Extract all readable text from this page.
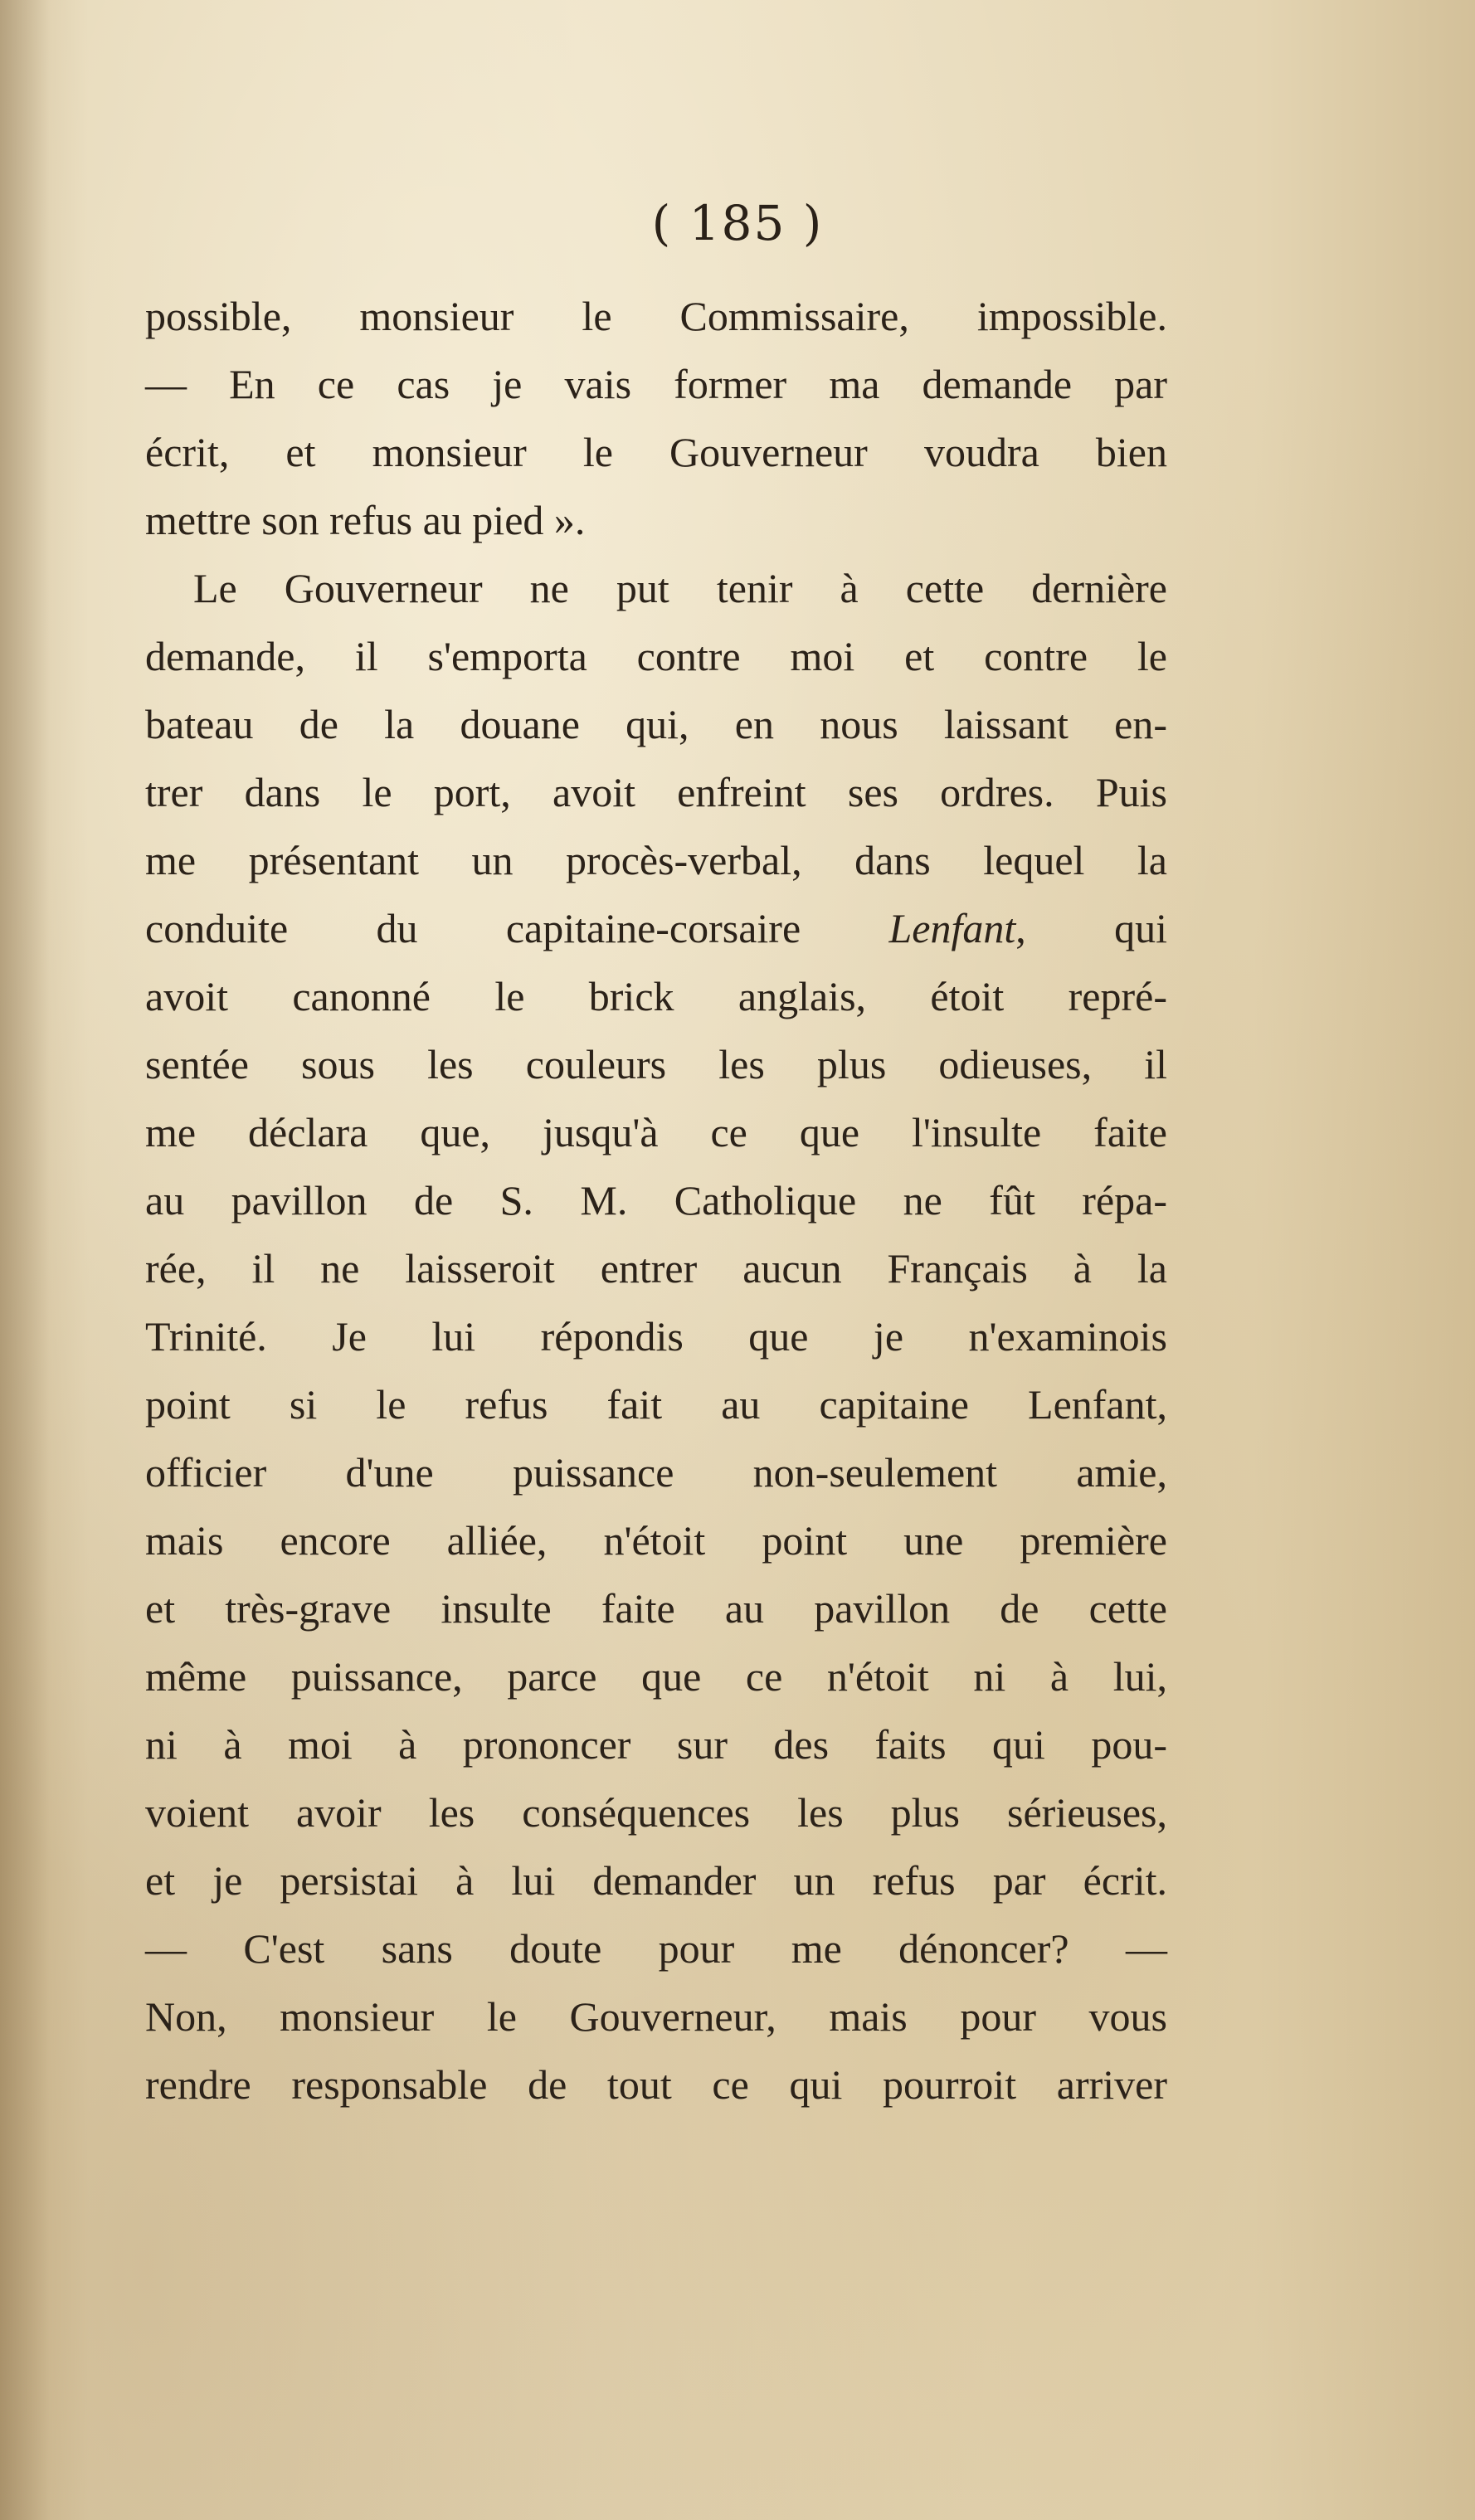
( 185 )
possible, monsieur le Commissaire, impossible.
— En ce cas je vais former ma demande par
écrit, et monsieur le Gouverneur voudra bien
mettre son refus au pied ».
Le Gouverneur ne put tenir à cette dernière
demande, il s'emporta contre moi et contre le
bateau de la douane qui, en nous laissant en-
trer dans le port, avoit enfreint ses ordres. Puis
me présentant un procès-verbal, dans lequel la
conduite du capitaine-corsaire Lenfant, qui
avoit canonné le brick anglais, étoit repré-
sentée sous les couleurs les plus odieuses, il
me déclara que, jusqu'à ce que l'insulte faite
au pavillon de S. M. Catholique ne fût répa-
rée, il ne laisseroit entrer aucun Français à la
Trinité. Je lui répondis que je n'examinois
point si le refus fait au capitaine Lenfant,
officier d'une puissance non-seulement amie,
mais encore alliée, n'étoit point une première
et très-grave insulte faite au pavillon de cette
même puissance, parce que ce n'étoit ni à lui,
ni à moi à prononcer sur des faits qui pou-
voient avoir les conséquences les plus sérieuses,
et je persistai à lui demander un refus par écrit.
— C'est sans doute pour me dénoncer? —
Non, monsieur le Gouverneur, mais pour vous
rendre responsable de tout ce qui pourroit arriver
